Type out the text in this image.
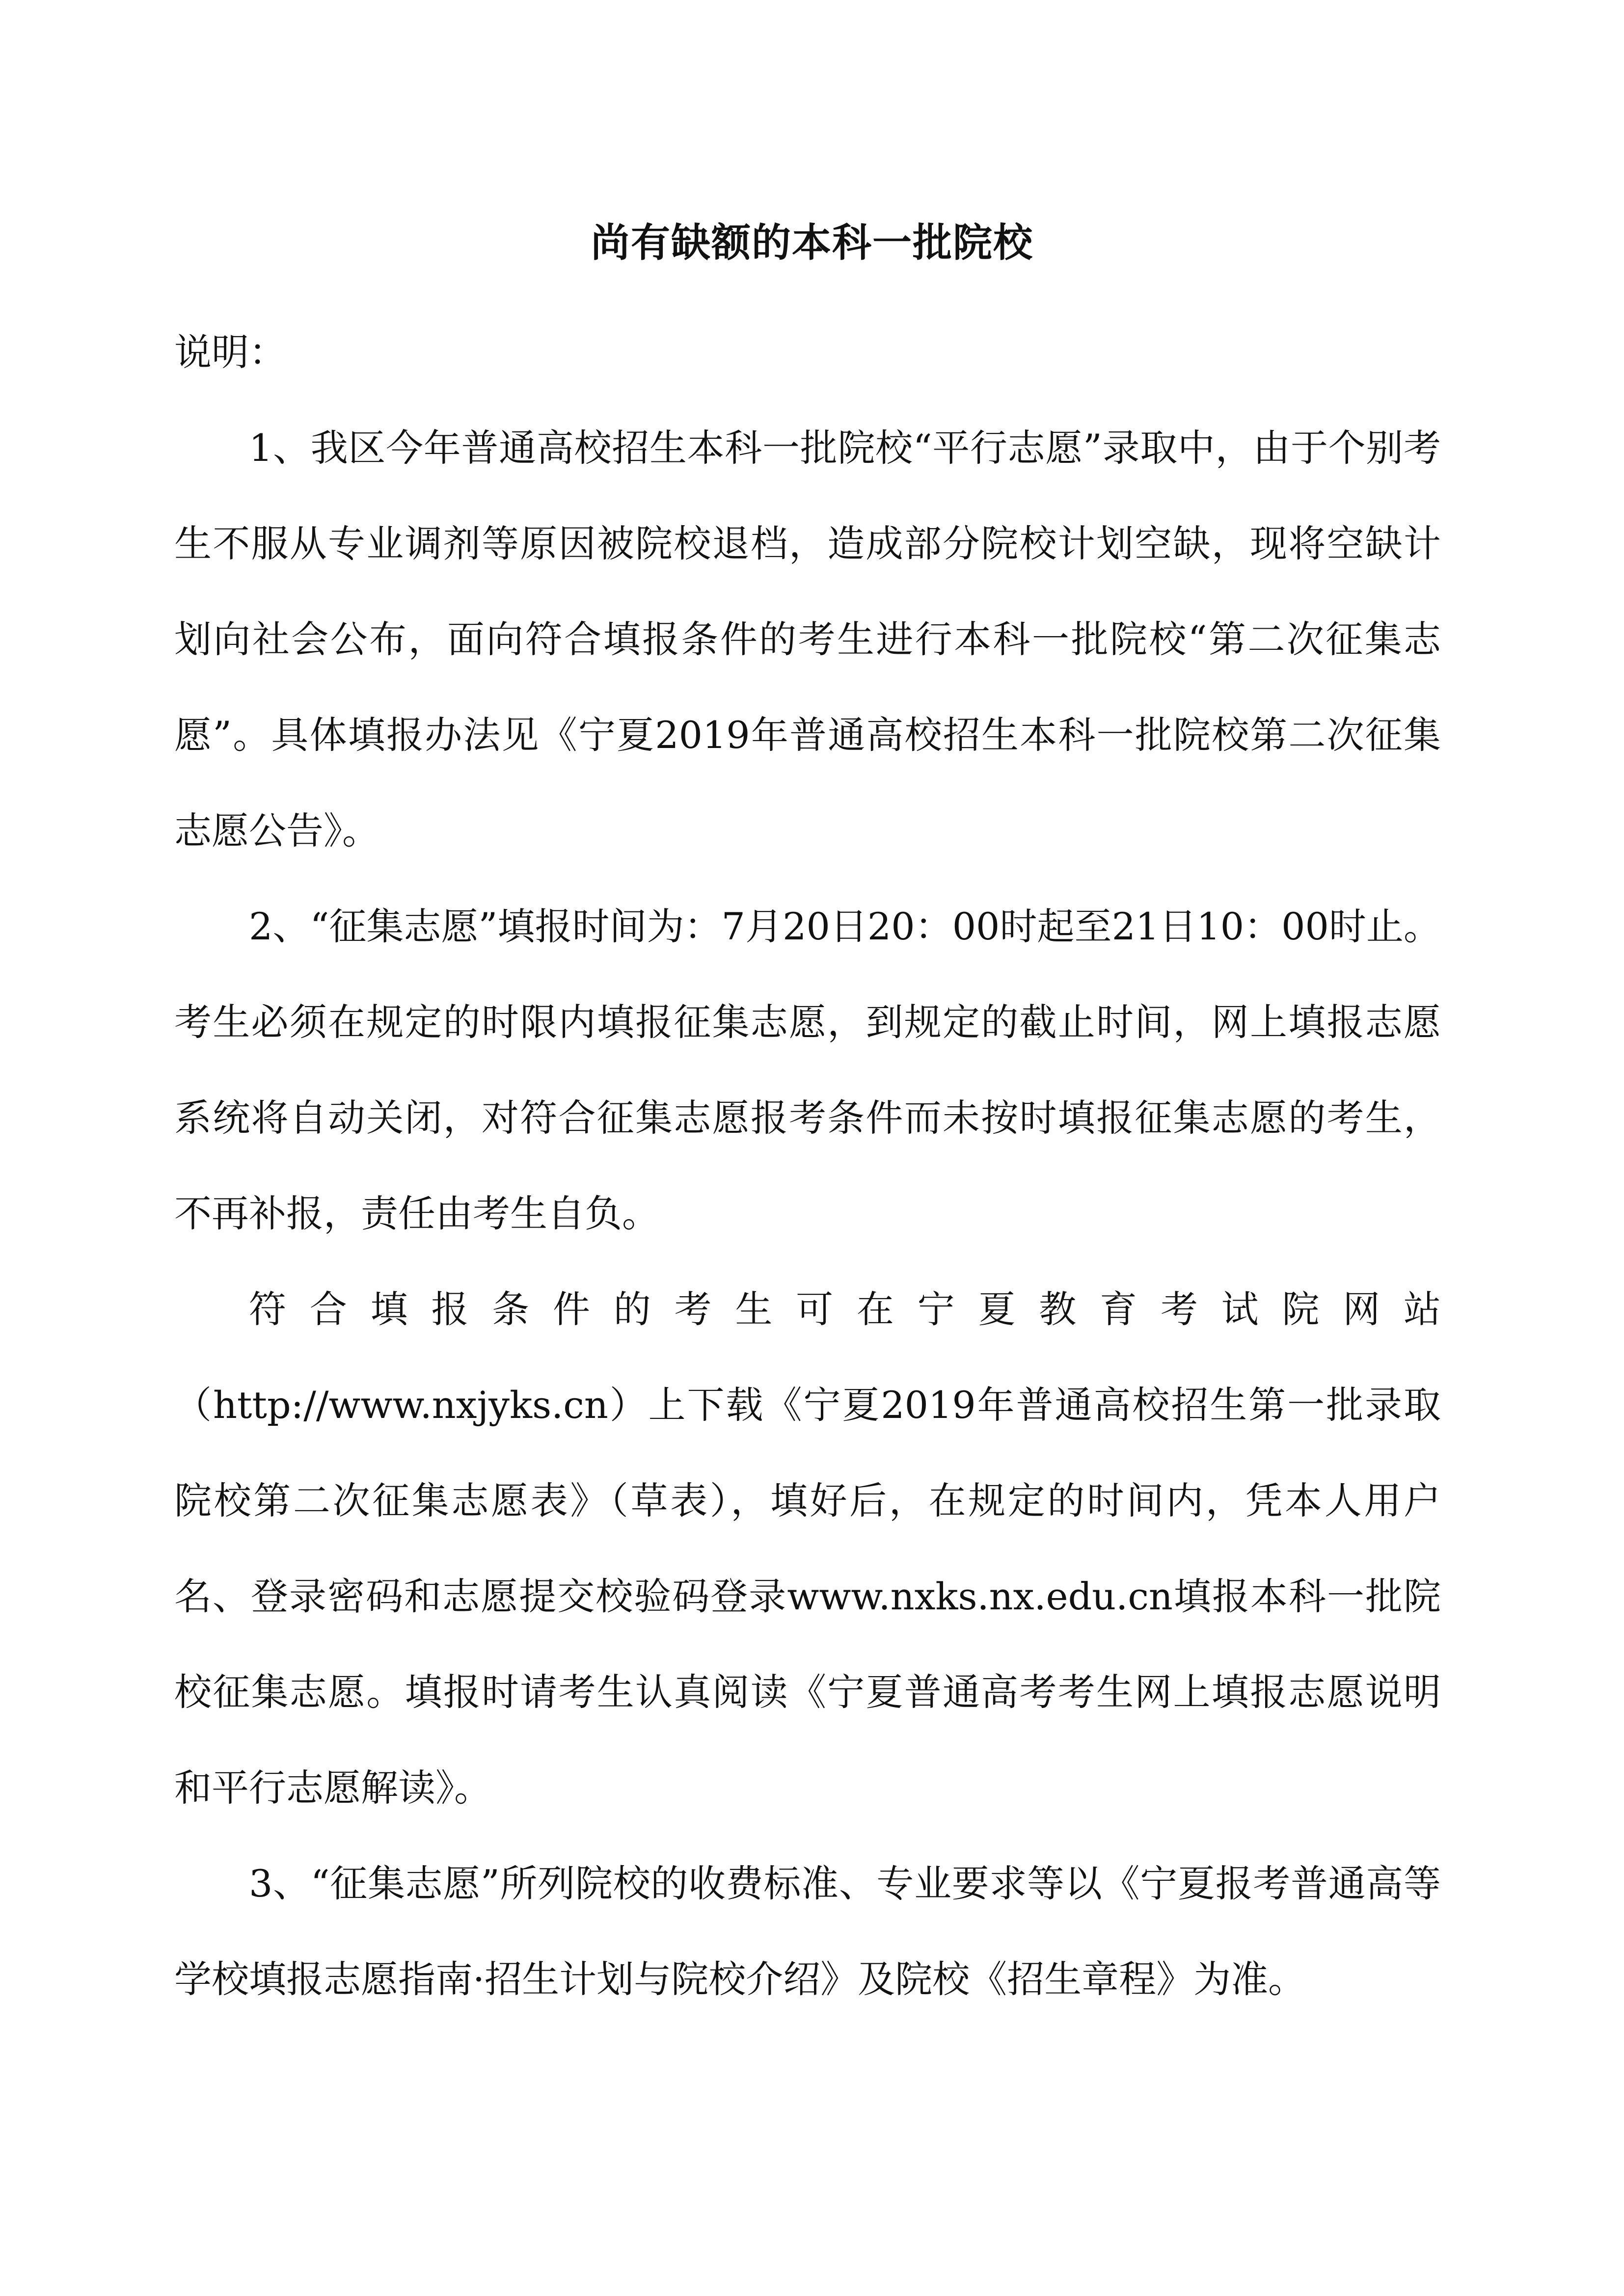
尚有缺额的本科一批院校

说明：

1、我区今年普通高校招生本科一批院校“平行志愿”录取中，由于个别考生不服从专业调剂等原因被院校退档，造成部分院校计划空缺，现将空缺计划向社会公布，面向符合填报条件的考生进行本科一批院校“第二次征集志愿”。具体填报办法见《宁夏2019年普通高校招生本科一批院校第二次征集志愿公告》。

2、“征集志愿”填报时间为：7月20日20：00时起至21日10：00时止。考生必须在规定的时限内填报征集志愿，到规定的截止时间，网上填报志愿系统将自动关闭，对符合征集志愿报考条件而未按时填报征集志愿的考生，不再补报，责任由考生自负。

符合填报条件的考生可在宁夏教育考试院网站（http://www.nxjyks.cn）上下载《宁夏2019年普通高校招生第一批录取院校第二次征集志愿表》（草表），填好后，在规定的时间内，凭本人用户名、登录密码和志愿提交校验码登录www.nxks.nx.edu.cn填报本科一批院校征集志愿。填报时请考生认真阅读《宁夏普通高考考生网上填报志愿说明和平行志愿解读》。

3、“征集志愿”所列院校的收费标准、专业要求等以《宁夏报考普通高等学校填报志愿指南·招生计划与院校介绍》及院校《招生章程》为准。
